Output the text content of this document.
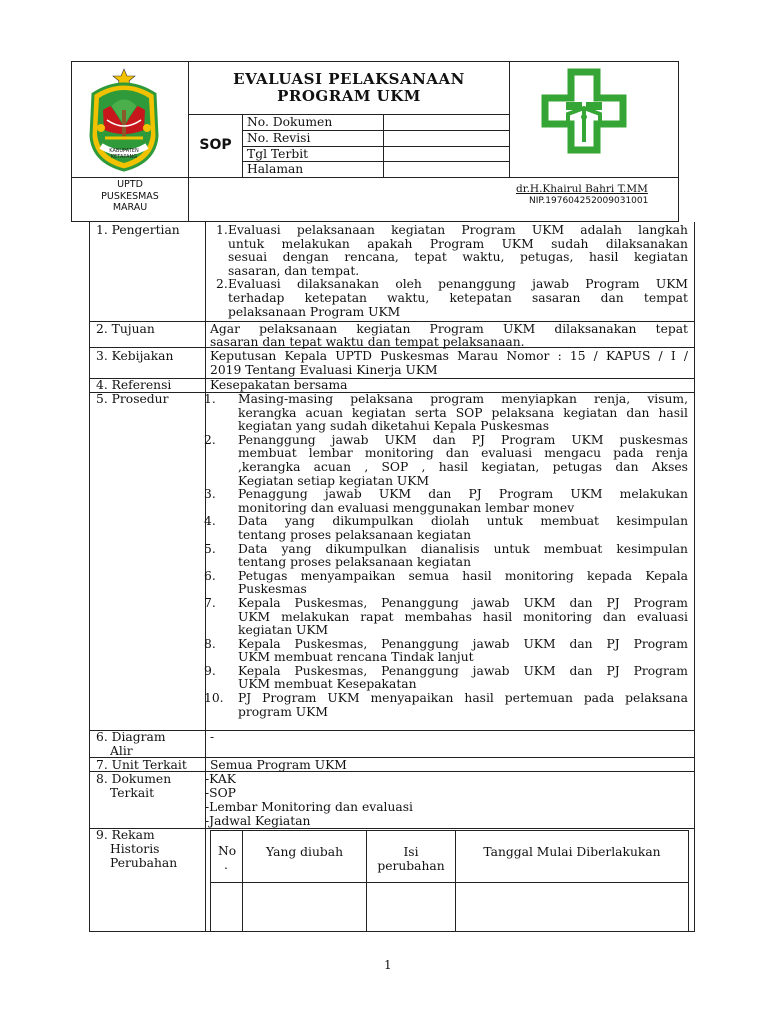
KABUPATEN KETAPANG
EVALUASI PELAKSANAAN
PROGRAM UKM
SOP
No. Dokumen
No. Revisi
Tgl Terbit
Halaman
UPTD
PUSKESMAS
MARAU
dr.H.Khairul Bahri T.MM
NIP.197604252009031001
1. Pengertian
2. Tujuan
3. Kebijakan
4. Referensi
5. Prosedur
6. Diagram
Alir
7. Unit Terkait
8. Dokumen
Terkait
9. Rekam
Historis
Perubahan
1. Evaluasi pelaksanaan kegiatan Program UKM adalah langkah
untuk melakukan apakah Program UKM sudah dilaksanakan
sesuai dengan rencana, tepat waktu, petugas, hasil kegiatan
sasaran, dan tempat.
2. Evaluasi dilaksanakan oleh penanggung jawab Program UKM
terhadap ketepatan waktu, ketepatan sasaran dan tempat
pelaksanaan Program UKM
Agar pelaksanaan kegiatan Program UKM dilaksanakan tepat
sasaran dan tepat waktu dan tempat pelaksanaan.
Keputusan Kepala UPTD Puskesmas Marau Nomor : 15 / KAPUS / I /
2019 Tentang Evaluasi Kinerja UKM
Kesepakatan bersama
1. Masing-masing pelaksana program menyiapkan renja, visum,
kerangka acuan kegiatan serta SOP pelaksana kegiatan dan hasil
kegiatan yang sudah diketahui Kepala Puskesmas
2. Penanggung jawab UKM dan PJ Program UKM puskesmas
membuat lembar monitoring dan evaluasi mengacu pada renja
,kerangka acuan , SOP , hasil kegiatan, petugas dan Akses
Kegiatan setiap kegiatan UKM
3. Penaggung jawab UKM dan PJ Program UKM melakukan
monitoring dan evaluasi menggunakan lembar monev
4. Data yang dikumpulkan diolah untuk membuat kesimpulan
tentang proses pelaksanaan kegiatan
5. Data yang dikumpulkan dianalisis untuk membuat kesimpulan
tentang proses pelaksanaan kegiatan
6. Petugas menyampaikan semua hasil monitoring kepada Kepala
Puskesmas
7. Kepala Puskesmas, Penanggung jawab UKM dan PJ Program
UKM melakukan rapat membahas hasil monitoring dan evaluasi
kegiatan UKM
8. Kepala Puskesmas, Penanggung jawab UKM dan PJ Program
UKM membuat rencana Tindak lanjut
9. Kepala Puskesmas, Penanggung jawab UKM dan PJ Program
UKM membuat Kesepakatan
10. PJ Program UKM menyapaikan hasil pertemuan pada pelaksana
program UKM
-
Semua Program UKM
-KAK
-SOP
-Lembar Monitoring dan evaluasi
-Jadwal Kegiatan
No
.
Yang diubah	Isi
perubahan
Tanggal Mulai Diberlakukan
1
